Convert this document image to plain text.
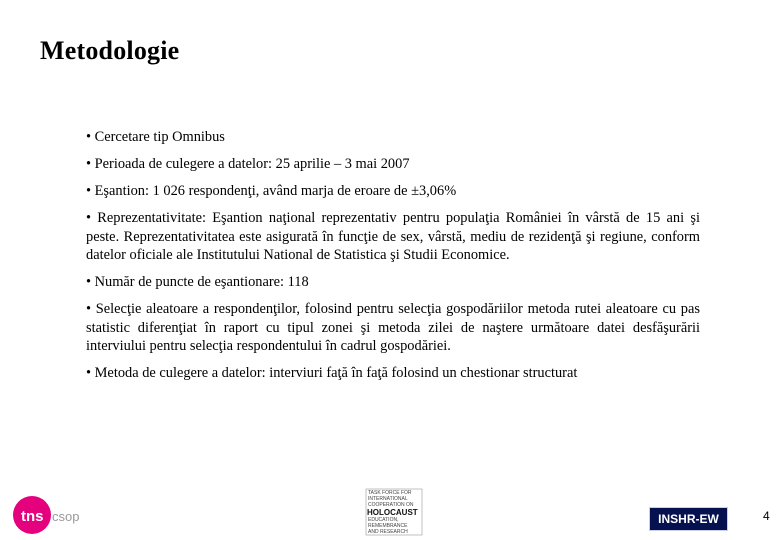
Metodologie

• Cercetare tip Omnibus

• Perioada de culegere a datelor: 25 aprilie – 3 mai 2007

• Eşantion: 1 026 respondenţi, având marja de eroare de ±3,06%

• Reprezentativitate: Eşantion naţional reprezentativ pentru populaţia României în vârstă de 15 ani şi peste. Reprezentativitatea este asigurată în funcţie de sex, vârstă, mediu de rezidenţă şi regiune, conform datelor oficiale ale Institutului National de Statistica şi Studii Economice.

• Număr de puncte de eşantionare: 118

• Selecţie aleatoare a respondenţilor, folosind pentru selecţia gospodăriilor metoda rutei aleatoare cu pas statistic diferenţiat în raport cu tipul zonei şi metoda zilei de naştere următoare datei desfăşurării interviului pentru selecţia respondentului în cadrul gospodăriei.

• Metoda de culegere a datelor: interviuri faţă în faţă folosind un chestionar structurat

tns csop
TASK FORCE FOR
INTERNATIONAL
COOPERATION ON
HOLOCAUST
EDUCATION,
REMEMBRANCE
AND RESEARCH
INSHR-EW	4
